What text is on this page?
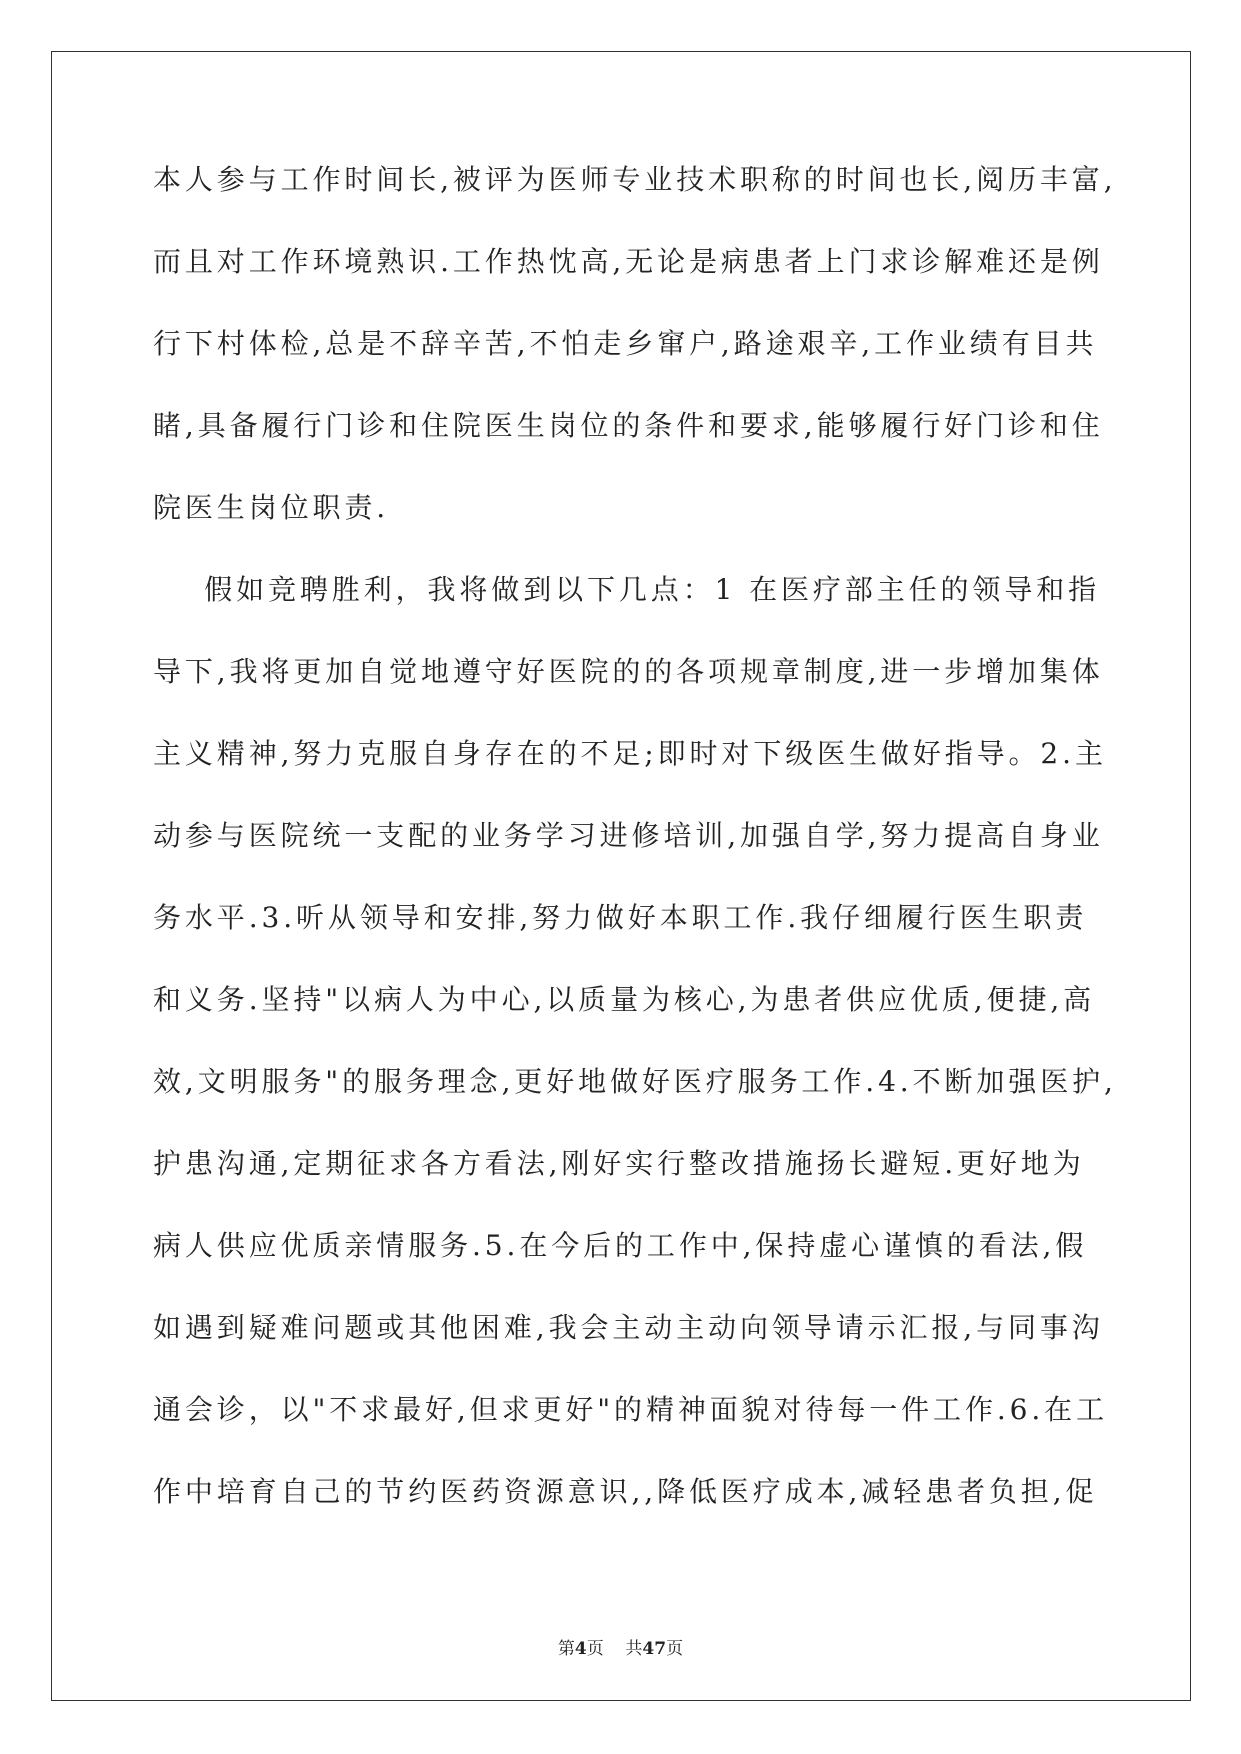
本人参与工作时间长,被评为医师专业技术职称的时间也长,阅历丰富,
而且对工作环境熟识.工作热忱高,无论是病患者上门求诊解难还是例
行下村体检,总是不辞辛苦,不怕走乡窜户,路途艰辛,工作业绩有目共
睹,具备履行门诊和住院医生岗位的条件和要求,能够履行好门诊和住
院医生岗位职责.
假如竞聘胜利，我将做到以下几点：1 在医疗部主任的领导和指
导下,我将更加自觉地遵守好医院的的各项规章制度,进一步增加集体
主义精神,努力克服自身存在的不足;即时对下级医生做好指导。2.主
动参与医院统一支配的业务学习进修培训,加强自学,努力提高自身业
务水平.3.听从领导和安排,努力做好本职工作.我仔细履行医生职责
和义务.坚持"以病人为中心,以质量为核心,为患者供应优质,便捷,高
效,文明服务"的服务理念,更好地做好医疗服务工作.4.不断加强医护,
护患沟通,定期征求各方看法,刚好实行整改措施扬长避短.更好地为
病人供应优质亲情服务.5.在今后的工作中,保持虚心谨慎的看法,假
如遇到疑难问题或其他困难,我会主动主动向领导请示汇报,与同事沟
通会诊，以"不求最好,但求更好"的精神面貌对待每一件工作.6.在工
作中培育自己的节约医药资源意识,,降低医疗成本,减轻患者负担,促
第4页 共47页
